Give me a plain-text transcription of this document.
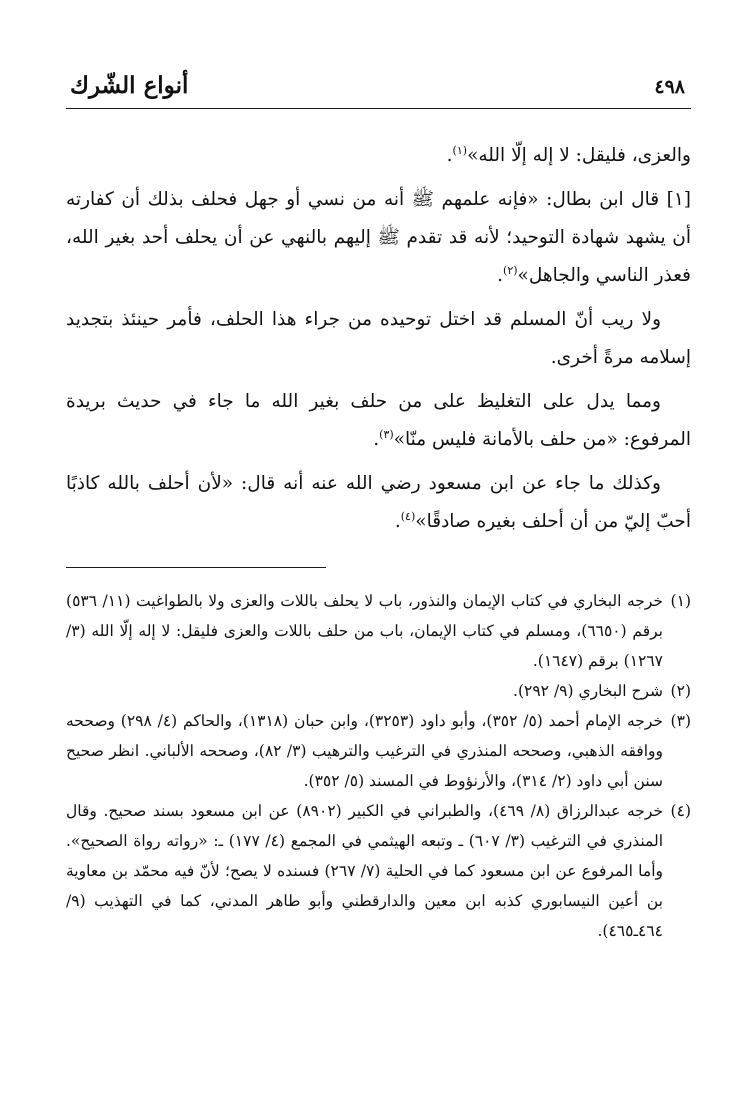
٤٩٨
أنواع الشّرك

والعزى، فليقل: لا إله إلّا الله»$^{(١)}$.

[١] قال ابن بطال: «فإنه علمهم ﷺ أنه من نسي أو جهل فحلف بذلك أن كفارته أن يشهد شهادة التوحيد؛ لأنه قد تقدم ﷺ إليهم بالنهي عن أن يحلف أحد بغير الله، فعذر الناسي والجاهل»$^{(٢)}$.

ولا ريب أنّ المسلم قد اختل توحيده من جراء هذا الحلف، فأمر حينئذ بتجديد إسلامه مرةً أخرى.

ومما يدل على التغليظ على من حلف بغير الله ما جاء في حديث بريدة المرفوع: «من حلف بالأمانة فليس منّا»$^{(٣)}$.

وكذلك ما جاء عن ابن مسعود رضي الله عنه أنه قال: «لأن أحلف بالله كاذبًا أحبّ إليّ من أن أحلف بغيره صادقًا»$^{(٤)}$.

(١)
خرجه البخاري في كتاب الإيمان والنذور، باب لا يحلف باللات والعزى ولا بالطواغيت (١١/ ٥٣٦) برقم (٦٦٥٠)، ومسلم في كتاب الإيمان، باب من حلف باللات والعزى فليقل: لا إله إلّا الله (٣/ ١٢٦٧) برقم (١٦٤٧).
(٢)
شرح البخاري (٩/ ٢٩٢).
(٣)
خرجه الإمام أحمد (٥/ ٣٥٢)، وأبو داود (٣٢٥٣)، وابن حبان (١٣١٨)، والحاكم (٤/ ٢٩٨) وصححه ووافقه الذهبي، وصححه المنذري في الترغيب والترهيب (٣/ ٨٢)، وصححه الألباني. انظر صحيح سنن أبي داود (٢/ ٣١٤)، والأرنؤوط في المسند (٥/ ٣٥٢).
(٤)
خرجه عبدالرزاق (٨/ ٤٦٩)، والطبراني في الكبير (٨٩٠٢) عن ابن مسعود بسند صحيح. وقال المنذري في الترغيب (٣/ ٦٠٧) ـ وتبعه الهيثمي في المجمع (٤/ ١٧٧) ـ: «رواته رواة الصحيح». وأما المرفوع عن ابن مسعود كما في الحلية (٧/ ٢٦٧) فسنده لا يصح؛ لأنّ فيه محمّد بن معاوية بن أعين النيسابوري كذبه ابن معين والدارقطني وأبو طاهر المدني، كما في التهذيب (٩/ ٤٦٤ـ٤٦٥).
